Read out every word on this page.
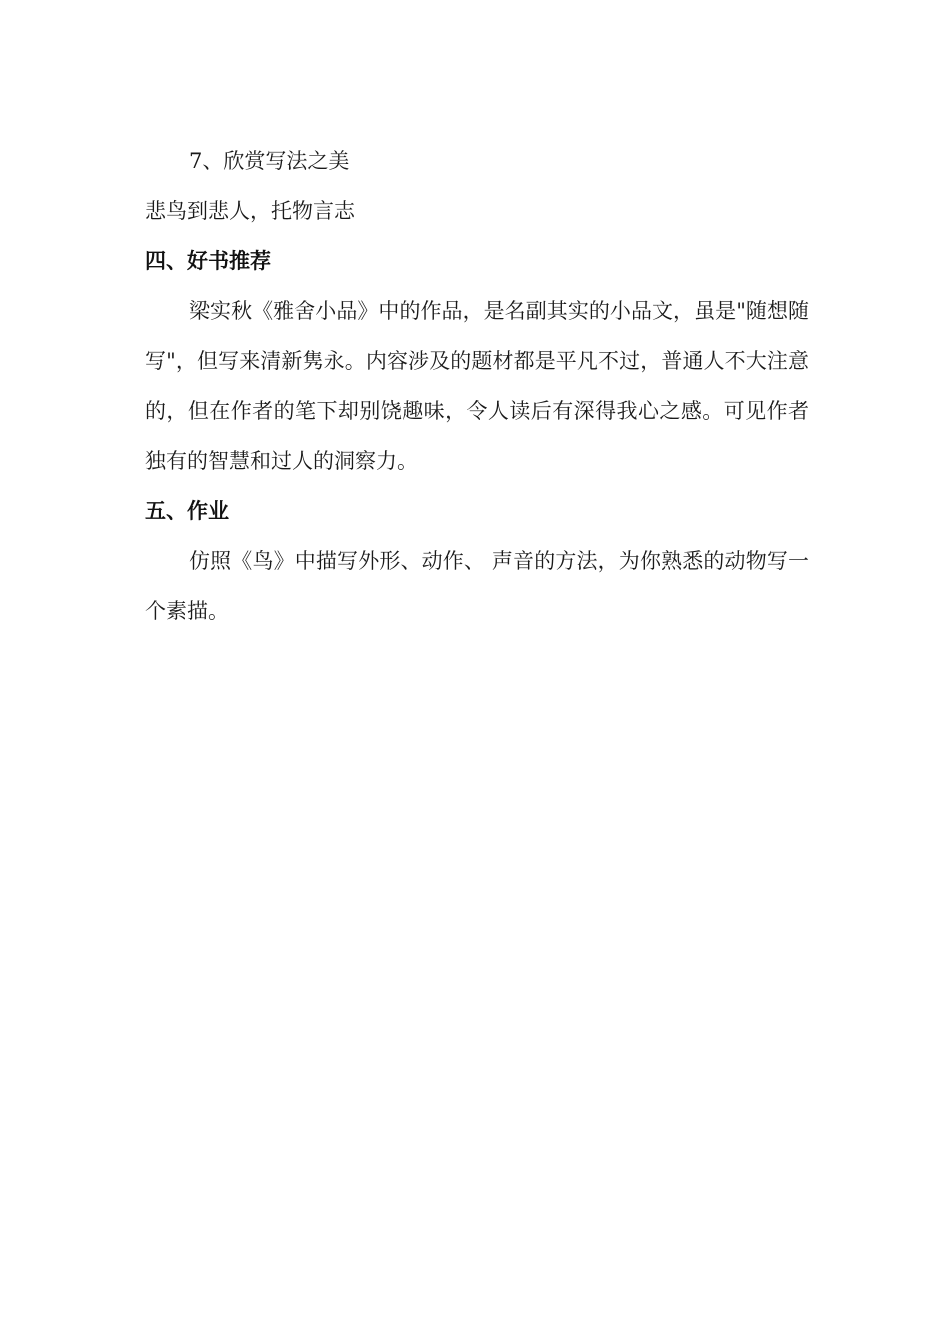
7、欣赏写法之美

悲鸟到悲人，托物言志

四、好书推荐

梁实秋《雅舍小品》中的作品，是名副其实的小品文，虽是"随想随写"，但写来清新隽永。内容涉及的题材都是平凡不过，普通人不大注意的，但在作者的笔下却别饶趣味，令人读后有深得我心之感。可见作者独有的智慧和过人的洞察力。

五、作业

仿照《鸟》中描写外形、动作、 声音的方法，为你熟悉的动物写一个素描。
